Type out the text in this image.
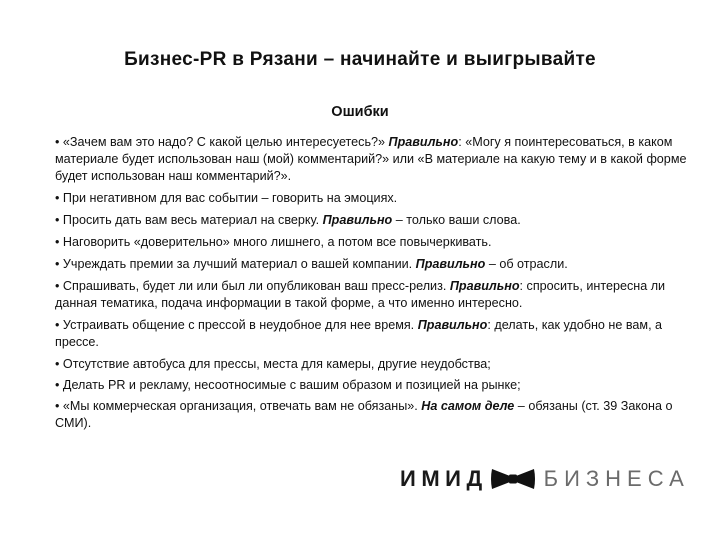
Бизнес-PR в Рязани – начинайте и выигрывайте
Ошибки
• «Зачем вам это надо? С какой целью интересуетесь?» Правильно: «Могу я поинтересоваться, в каком материале будет использован наш (мой) комментарий?» или «В материале на какую тему и в какой форме будет использован наш комментарий?».
• При негативном для вас событии – говорить на эмоциях.
• Просить дать вам весь материал на сверку. Правильно – только ваши слова.
• Наговорить «доверительно» много лишнего, а потом все повычеркивать.
• Учреждать премии за лучший материал о вашей компании. Правильно – об отрасли.
• Спрашивать, будет ли или был ли опубликован ваш пресс-релиз. Правильно: спросить, интересна ли данная тематика, подача информации в такой форме, а что именно интересно.
• Устраивать общение с прессой в неудобное для нее время. Правильно: делать, как удобно не вам, а прессе.
• Отсутствие автобуса для прессы, места для камеры, другие неудобства;
• Делать PR и рекламу, несоотносимые с вашим образом и позицией на рынке;
• «Мы коммерческая организация, отвечать вам не обязаны». На самом деле – обязаны (ст. 39 Закона о СМИ).
ИМИД	БИЗНЕСА
